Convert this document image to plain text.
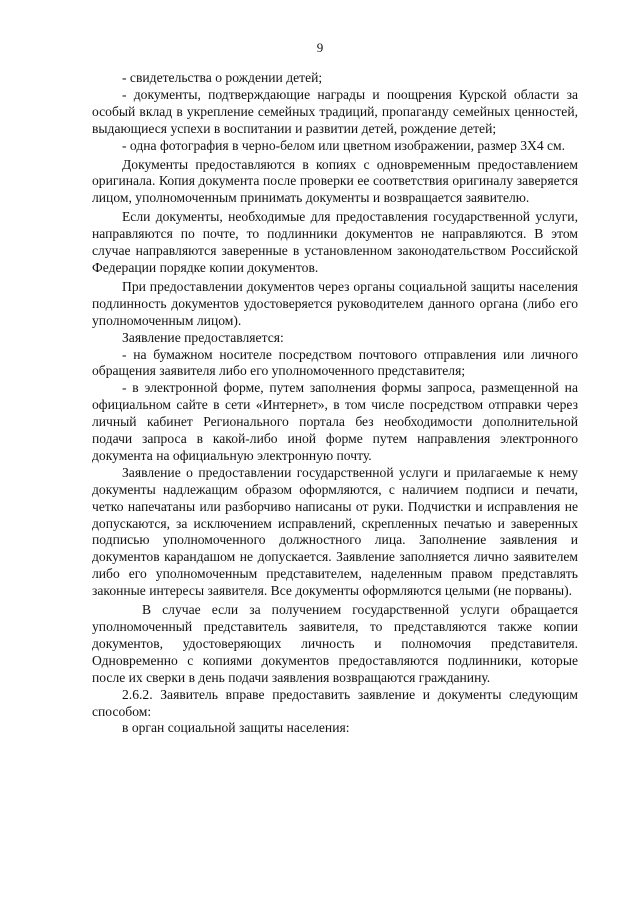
9

- свидетельства о рождении детей;

- документы, подтверждающие награды и поощрения Курской области за особый вклад в укрепление семейных традиций, пропаганду семейных ценностей, выдающиеся успехи в воспитании и развитии детей, рождение детей;

- одна фотография в черно-белом или цветном изображении, размер 3Х4 см.

Документы предоставляются в копиях с одновременным предоставлением оригинала. Копия документа после проверки ее соответствия оригиналу заверяется лицом, уполномоченным принимать документы и возвращается заявителю.

Если документы, необходимые для предоставления государственной услуги, направляются по почте, то подлинники документов не направляются. В этом случае направляются заверенные в установленном законодательством Российской Федерации порядке копии документов.

При предоставлении документов через органы социальной защиты населения подлинность документов удостоверяется руководителем данного органа (либо его уполномоченным лицом).

Заявление предоставляется:

- на бумажном носителе посредством почтового отправления или личного обращения заявителя либо его уполномоченного представителя;

- в электронной форме, путем заполнения формы запроса, размещенной на официальном сайте в сети «Интернет», в том числе посредством отправки через личный кабинет Регионального портала без необходимости дополнительной подачи запроса в какой-либо иной форме путем направления электронного документа на официальную электронную почту.

Заявление о предоставлении государственной услуги и прилагаемые к нему документы надлежащим образом оформляются, с наличием подписи и печати, четко напечатаны или разборчиво написаны от руки. Подчистки и исправления не допускаются, за исключением исправлений, скрепленных печатью и заверенных подписью уполномоченного должностного лица. Заполнение заявления и документов карандашом не допускается. Заявление заполняется лично заявителем либо его уполномоченным представителем, наделенным правом представлять законные интересы заявителя. Все документы оформляются целыми (не порваны).

В случае если за получением государственной услуги обращается уполномоченный представитель заявителя, то представляются также копии документов, удостоверяющих личность и полномочия представителя. Одновременно с копиями документов предоставляются подлинники, которые после их сверки в день подачи заявления возвращаются гражданину.

2.6.2. Заявитель вправе предоставить заявление и документы следующим способом:

в орган социальной защиты населения:
